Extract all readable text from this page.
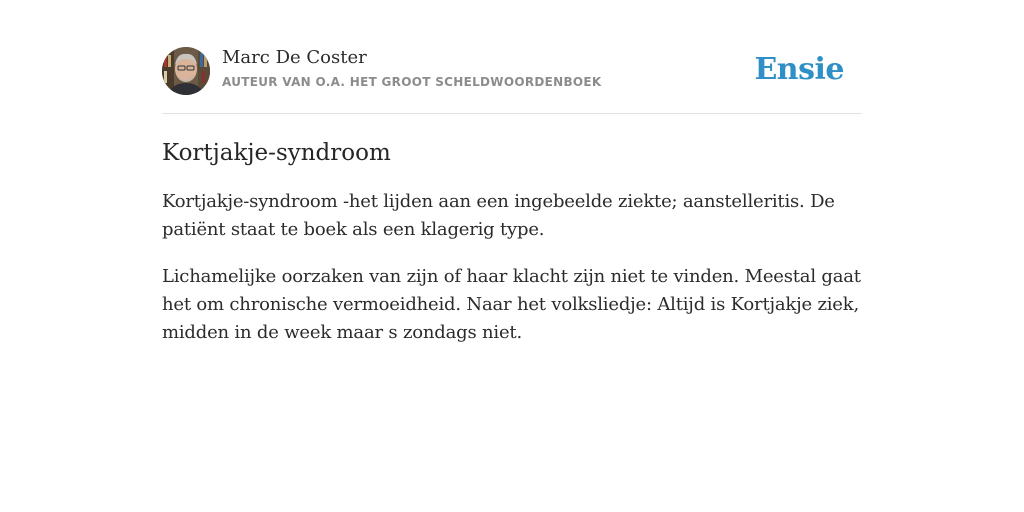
Marc De Coster
AUTEUR VAN O.A. HET GROOT SCHELDWOORDENBOEK	Ensie
Kortjakje-syndroom

Kortjakje-syndroom -het lijden aan een ingebeelde ziekte; aanstelleritis. De patiënt staat te boek als een klagerig type.

Lichamelijke oorzaken van zijn of haar klacht zijn niet te vinden. Meestal gaat het om chronische vermoeidheid. Naar het volksliedje: Altijd is Kortjakje ziek, midden in de week maar s zondags niet.
